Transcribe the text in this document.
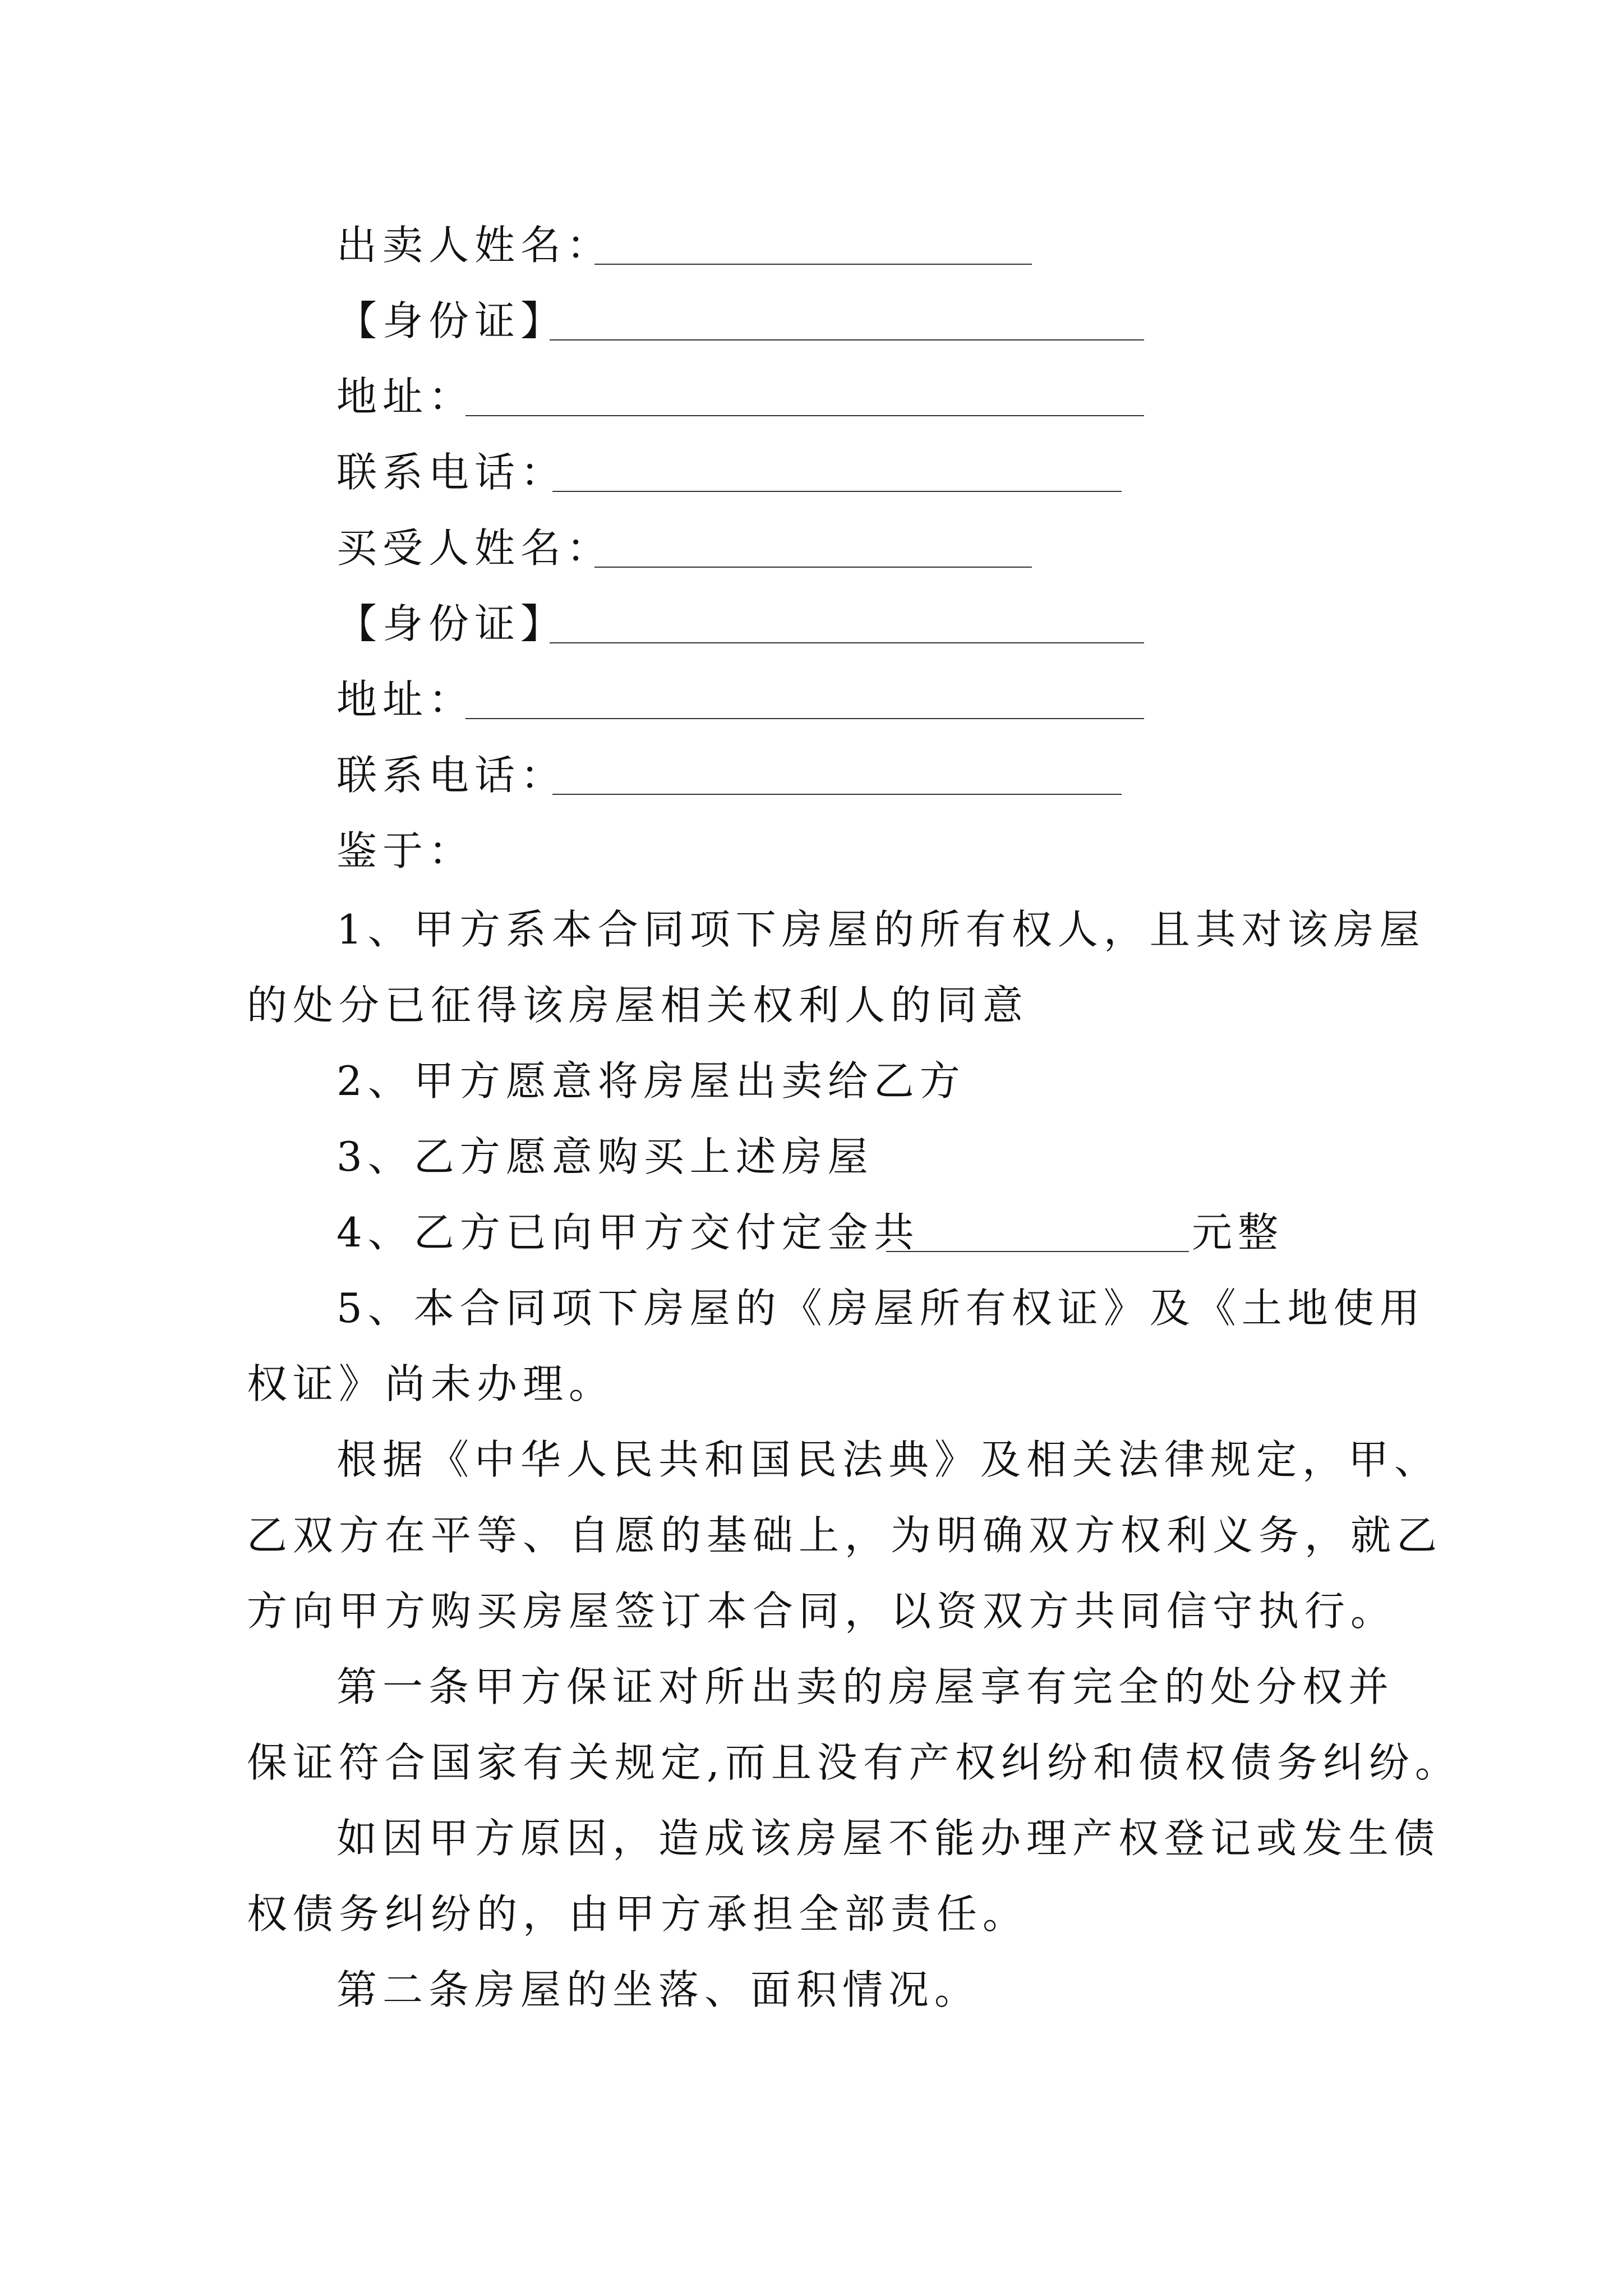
出卖人姓名：
【身份证】
地址：
联系电话：
买受人姓名：
【身份证】
地址：
联系电话：
鉴于：
1、甲方系本合同项下房屋的所有权人，且其对该房屋
的处分已征得该房屋相关权利人的同意
2、甲方愿意将房屋出卖给乙方
3、乙方愿意购买上述房屋
4、乙方已向甲方交付定金共	元整
5、本合同项下房屋的《房屋所有权证》及《土地使用
权证》尚未办理。
根据《中华人民共和国民法典》及相关法律规定，甲、
乙双方在平等、自愿的基础上，为明确双方权利义务，就乙
方向甲方购买房屋签订本合同，以资双方共同信守执行。
第一条甲方保证对所出卖的房屋享有完全的处分权并
保证符合国家有关规定,而且没有产权纠纷和债权债务纠纷。
如因甲方原因，造成该房屋不能办理产权登记或发生债
权债务纠纷的，由甲方承担全部责任。
第二条房屋的坐落、面积情况。
